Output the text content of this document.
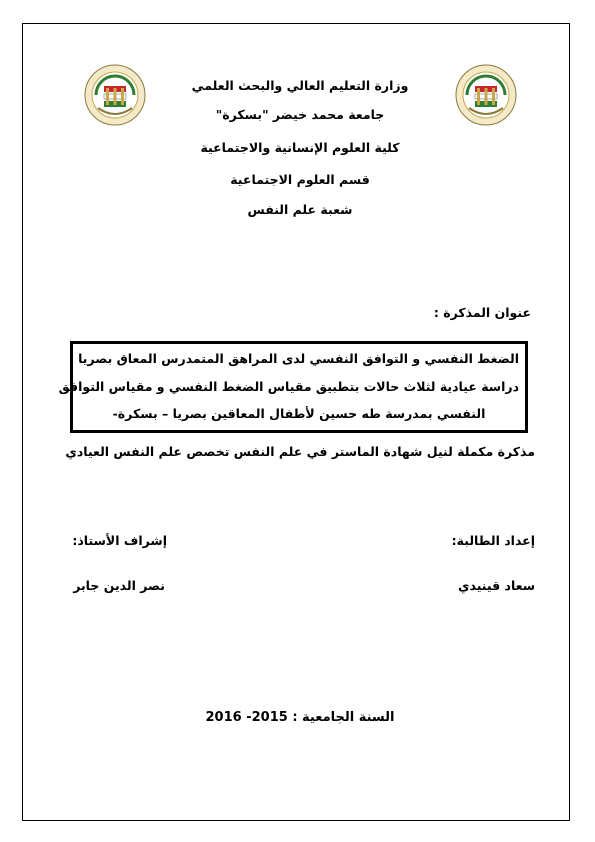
وزارة التعليم العالي والبحث العلمي
جامعة محمد خيضر "بسكرة"
كلية العلوم الإنسانية والاجتماعية
قسم العلوم الاجتماعية
شعبة علم النفس
عنوان المذكرة :
الضغط النفسي و التوافق النفسي لدى المراهق المتمدرس المعاق بصريا
دراسة عيادية لثلاث حالات بتطبيق مقياس الضغط النفسي و مقياس التوافق
النفسي بمدرسة طه حسين لأطفال المعاقين بصريا – بسكرة-
مذكرة مكملة لنيل شهادة الماستر في علم النفس تخصص علم النفس العيادي
إعداد الطالبة:
إشراف الأستاذ:
سعاد قينيدي
نصر الدين جابر
السنة الجامعية : 2015- 2016
